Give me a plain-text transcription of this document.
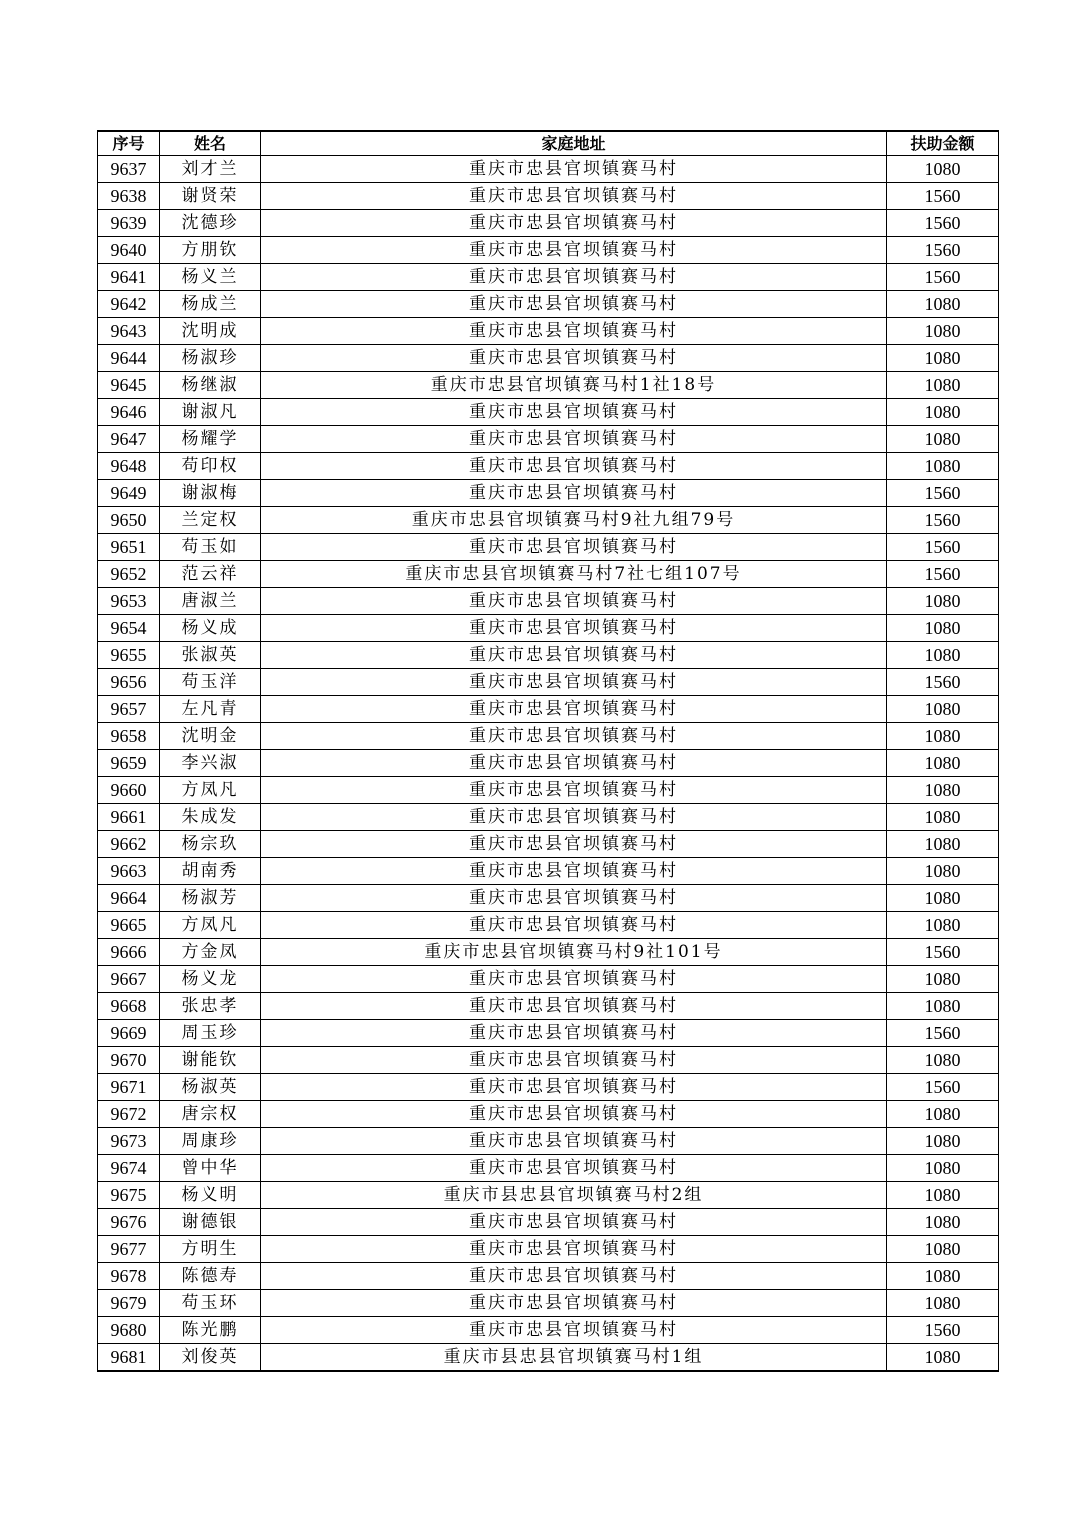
序号	姓名	家庭地址	扶助金额
9637	刘才兰	重庆市忠县官坝镇赛马村	1080
9638	谢贤荣	重庆市忠县官坝镇赛马村	1560
9639	沈德珍	重庆市忠县官坝镇赛马村	1560
9640	方朋钦	重庆市忠县官坝镇赛马村	1560
9641	杨义兰	重庆市忠县官坝镇赛马村	1560
9642	杨成兰	重庆市忠县官坝镇赛马村	1080
9643	沈明成	重庆市忠县官坝镇赛马村	1080
9644	杨淑珍	重庆市忠县官坝镇赛马村	1080
9645	杨继淑	重庆市忠县官坝镇赛马村1社18号	1080
9646	谢淑凡	重庆市忠县官坝镇赛马村	1080
9647	杨耀学	重庆市忠县官坝镇赛马村	1080
9648	苟印权	重庆市忠县官坝镇赛马村	1080
9649	谢淑梅	重庆市忠县官坝镇赛马村	1560
9650	兰定权	重庆市忠县官坝镇赛马村9社九组79号	1560
9651	苟玉如	重庆市忠县官坝镇赛马村	1560
9652	范云祥	重庆市忠县官坝镇赛马村7社七组107号	1560
9653	唐淑兰	重庆市忠县官坝镇赛马村	1080
9654	杨义成	重庆市忠县官坝镇赛马村	1080
9655	张淑英	重庆市忠县官坝镇赛马村	1080
9656	苟玉洋	重庆市忠县官坝镇赛马村	1560
9657	左凡青	重庆市忠县官坝镇赛马村	1080
9658	沈明金	重庆市忠县官坝镇赛马村	1080
9659	李兴淑	重庆市忠县官坝镇赛马村	1080
9660	方凤凡	重庆市忠县官坝镇赛马村	1080
9661	朱成发	重庆市忠县官坝镇赛马村	1080
9662	杨宗玖	重庆市忠县官坝镇赛马村	1080
9663	胡南秀	重庆市忠县官坝镇赛马村	1080
9664	杨淑芳	重庆市忠县官坝镇赛马村	1080
9665	方凤凡	重庆市忠县官坝镇赛马村	1080
9666	方金凤	重庆市忠县官坝镇赛马村9社101号	1560
9667	杨义龙	重庆市忠县官坝镇赛马村	1080
9668	张忠孝	重庆市忠县官坝镇赛马村	1080
9669	周玉珍	重庆市忠县官坝镇赛马村	1560
9670	谢能钦	重庆市忠县官坝镇赛马村	1080
9671	杨淑英	重庆市忠县官坝镇赛马村	1560
9672	唐宗权	重庆市忠县官坝镇赛马村	1080
9673	周康珍	重庆市忠县官坝镇赛马村	1080
9674	曾中华	重庆市忠县官坝镇赛马村	1080
9675	杨义明	重庆市县忠县官坝镇赛马村2组	1080
9676	谢德银	重庆市忠县官坝镇赛马村	1080
9677	方明生	重庆市忠县官坝镇赛马村	1080
9678	陈德寿	重庆市忠县官坝镇赛马村	1080
9679	苟玉环	重庆市忠县官坝镇赛马村	1080
9680	陈光鹏	重庆市忠县官坝镇赛马村	1560
9681	刘俊英	重庆市县忠县官坝镇赛马村1组	1080
